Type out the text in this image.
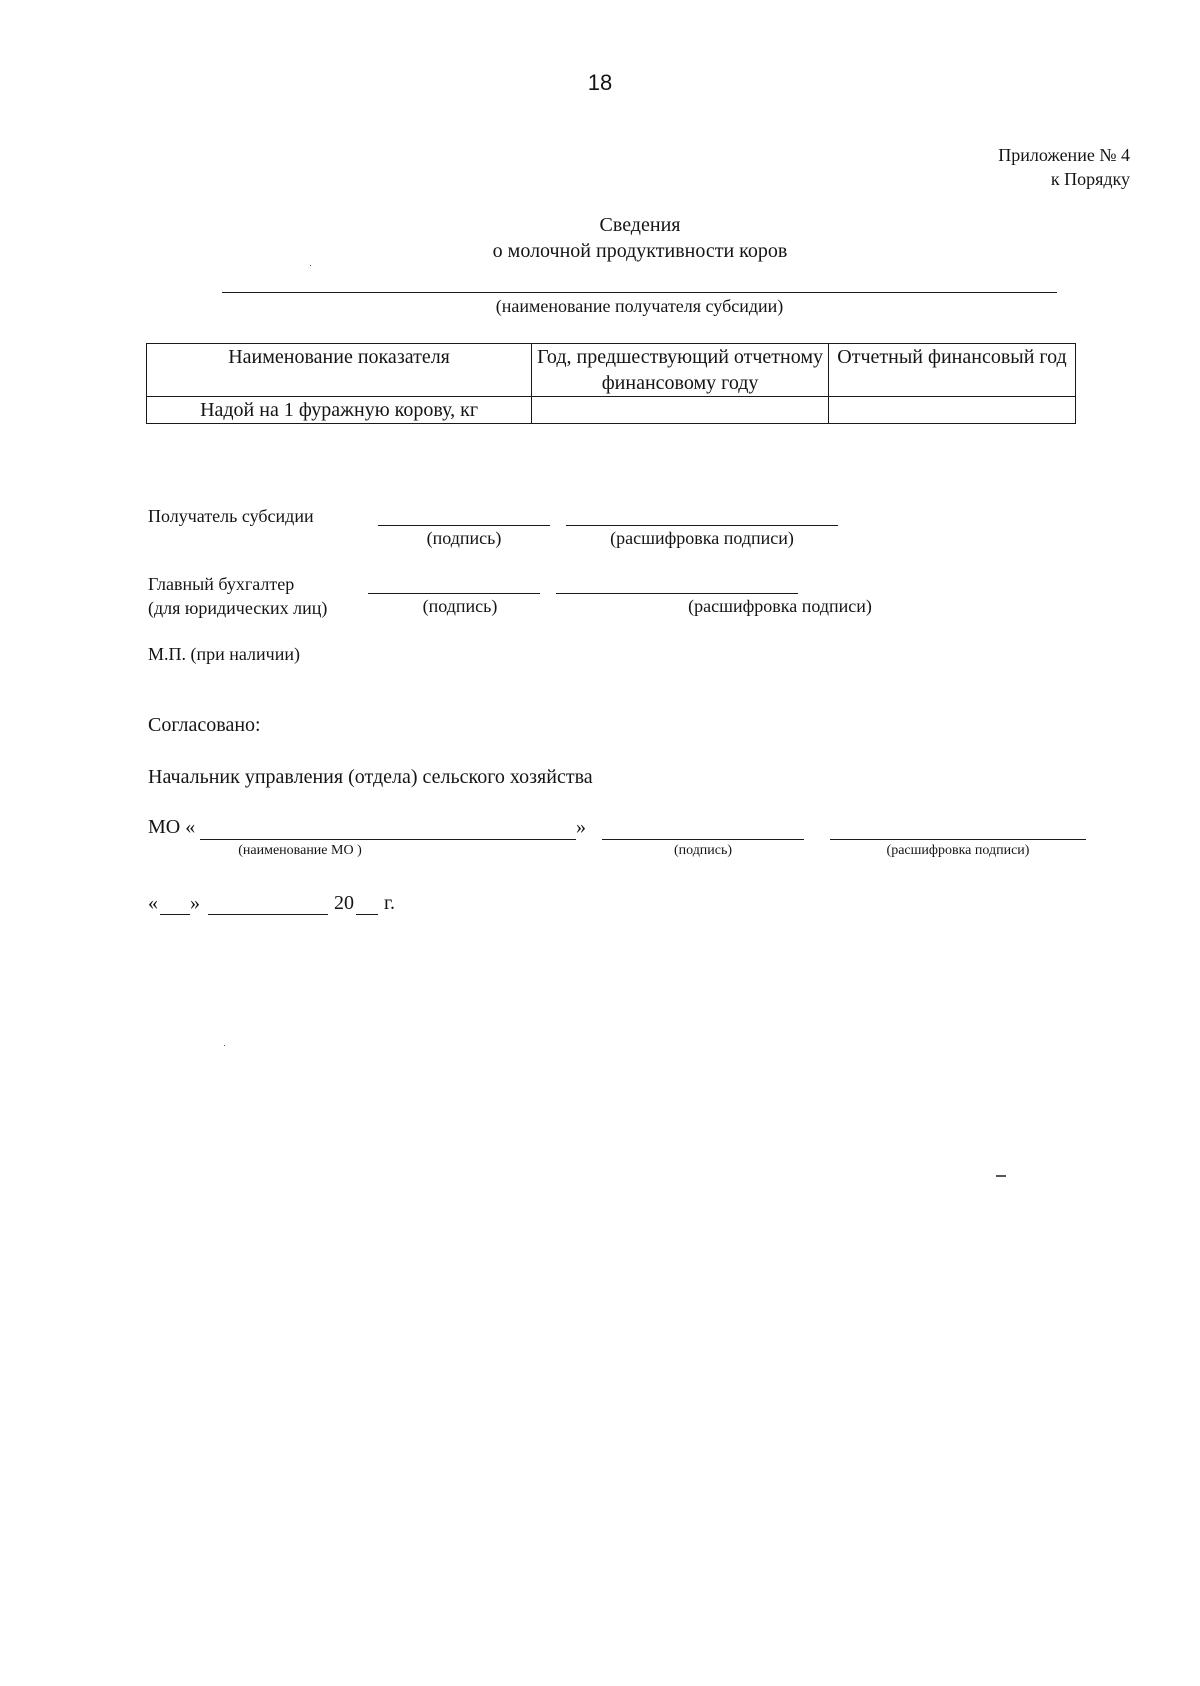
18
Приложение № 4
к Порядку
Сведения
о молочной продуктивности коров
(наименование получателя субсидии)
Наименование показателя	Год, предшествующий отчетному финансовому году	Отчетный финансовый год
Надой на 1 фуражную корову, кг		
Получатель субсидии
(подпись)	(расшифровка подписи)
Главный бухгалтер
(для юридических лиц)	(подпись)	(расшифровка подписи)
М.П. (при наличии)
Согласовано:
Начальник управления (отдела) сельского хозяйства
МО «	»
(наименование МО )	(подпись)	(расшифровка подписи)
« »	20 г.
